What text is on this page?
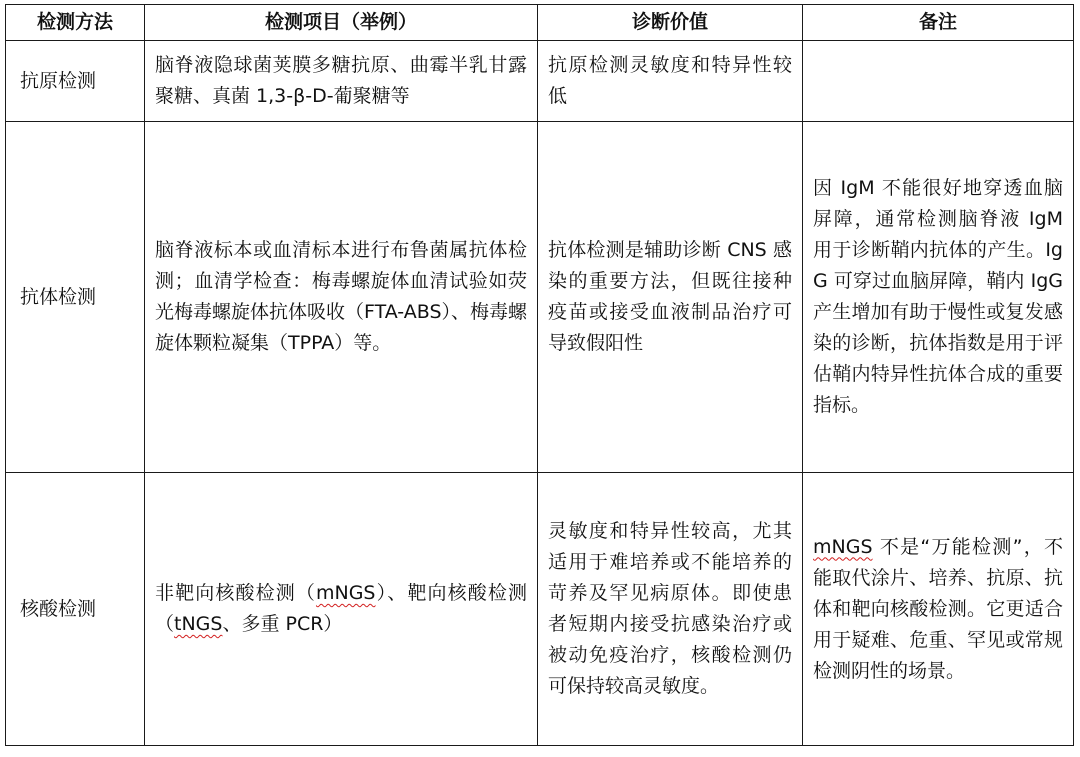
检测方法	检测项目（举例）	诊断价值	备注
抗原检测	脑脊液隐球菌荚膜多糖抗原、曲霉半乳甘露聚糖、真菌 1,3-β-D-葡聚糖等	抗原检测灵敏度和特异性较低	
抗体检测	脑脊液标本或血清标本进行布鲁菌属抗体检测；血清学检查：梅毒螺旋体血清试验如荧光梅毒螺旋体抗体吸收（FTA-ABS）、梅毒螺旋体颗粒凝集（TPPA）等。	抗体检测是辅助诊断 CNS 感染的重要方法，但既往接种疫苗或接受血液制品治疗可导致假阳性	因 IgM 不能很好地穿透血脑屏障，通常检测脑脊液 IgM 用于诊断鞘内抗体的产生。IgG 可穿过血脑屏障，鞘内 IgG 产生增加有助于慢性或复发感染的诊断，抗体指数是用于评估鞘内特异性抗体合成的重要指标。
核酸检测	非靶向核酸检测（mNGS）、靶向核酸检测（tNGS、多重 PCR）	灵敏度和特异性较高，尤其适用于难培养或不能培养的苛养及罕见病原体。即使患者短期内接受抗感染治疗或被动免疫治疗，核酸检测仍可保持较高灵敏度。	mNGS 不是“万能检测”，不能取代涂片、培养、抗原、抗体和靶向核酸检测。它更适合用于疑难、危重、罕见或常规检测阴性的场景。
